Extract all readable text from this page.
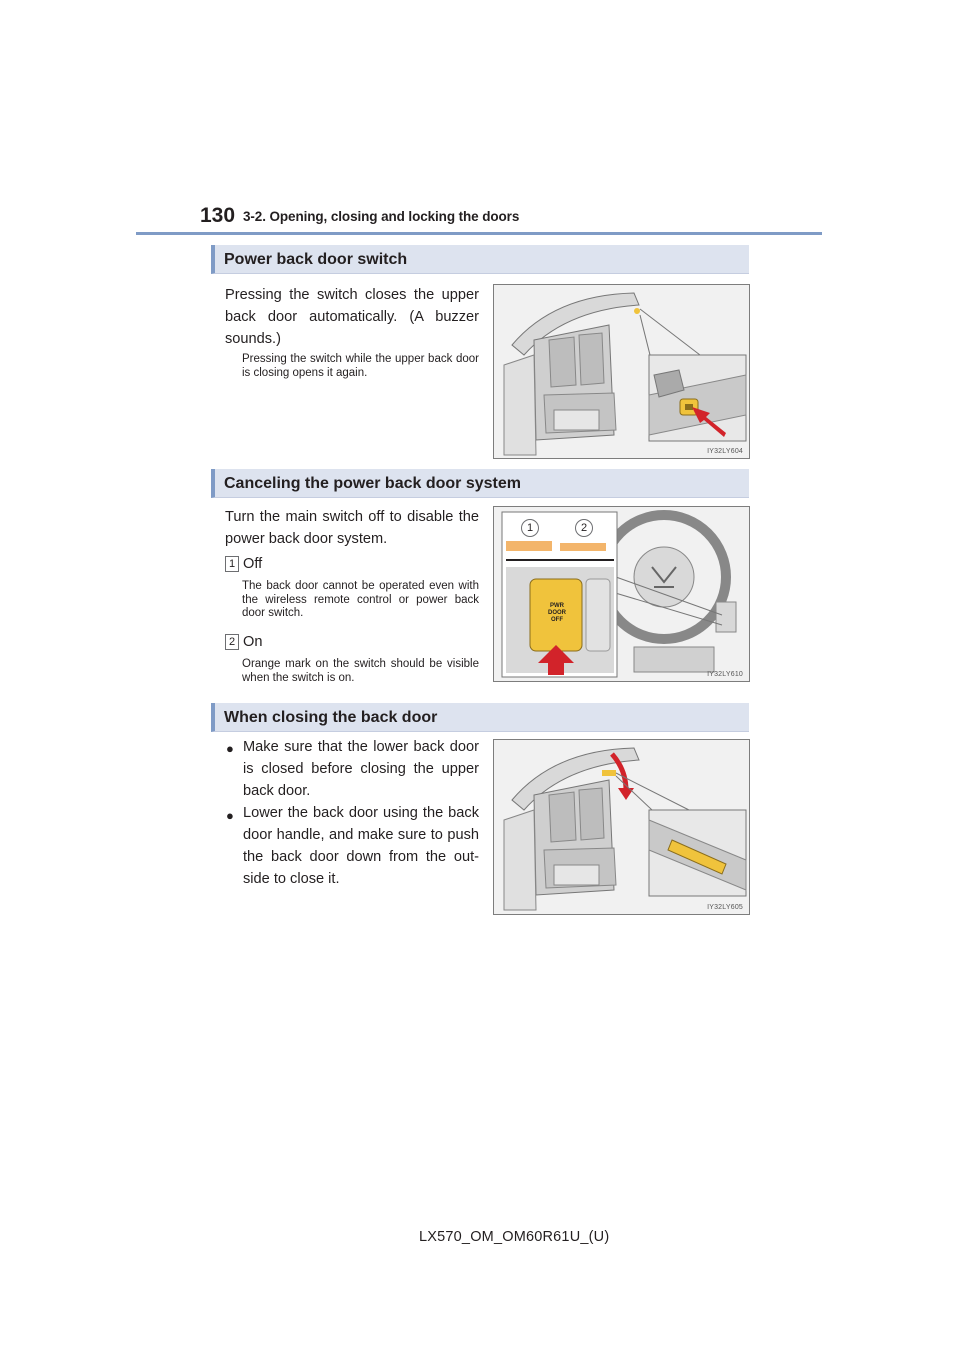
130 3-2. Opening, closing and locking the doors
Power back door switch
Pressing the switch closes the upper back door automatically. (A buzzer sounds.)
Pressing the switch while the upper back door is closing opens it again.
IY32LY604
Canceling the power back door system
Turn the main switch off to disable the power back door system.
1 Off
The back door cannot be operated even with the wireless remote control or power back door switch.
2 On
Orange mark on the switch should be visible when the switch is on.
1	2
PWR
DOOR
OFF
IY32LY610
When closing the back door
● Make sure that the lower back door is closed before closing the upper back door.
● Lower the back door using the back door handle, and make sure to push the back door down from the out-side to close it.
IY32LY605
LX570_OM_OM60R61U_(U)
